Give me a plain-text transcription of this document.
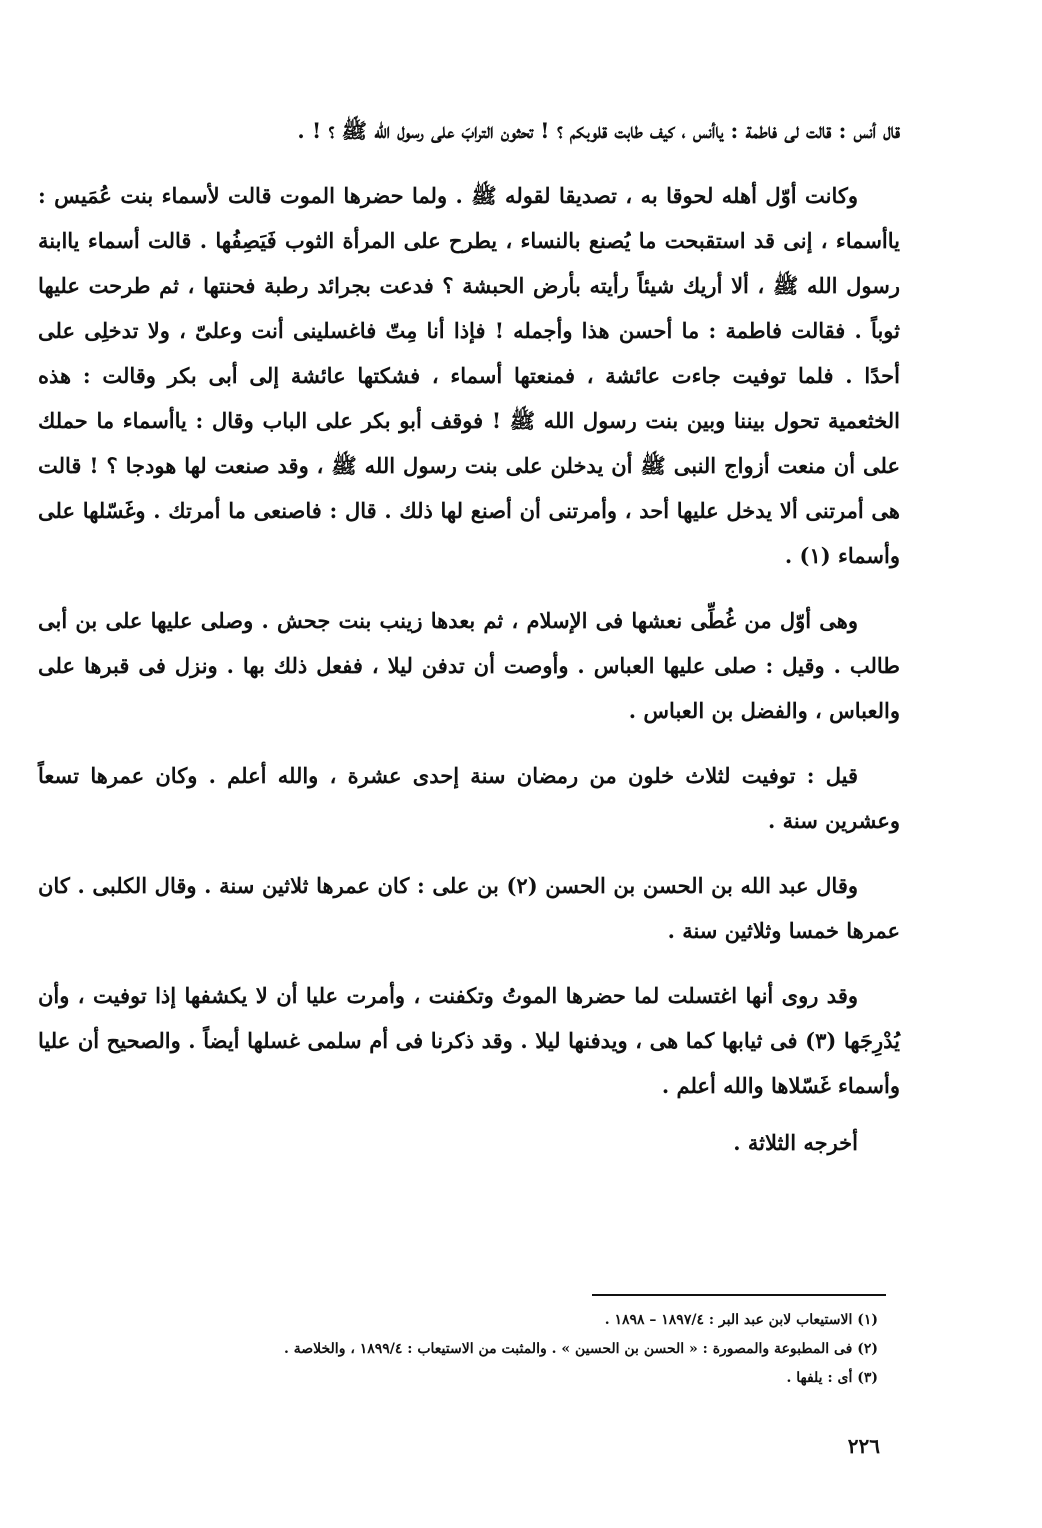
قال أنس : قالت لى فاطمة : ياأنس ، كيف طابت قلوبكم ؟ ! تحثون الترابَ على رسول الله ﷺ ؟ ! .

وكانت أوّل أهله لحوقا به ، تصديقا لقوله ﷺ . ولما حضرها الموت قالت لأسماء بنت عُمَيس : ياأسماء ، إنى قد استقبحت ما يُصنع بالنساء ، يطرح على المرأة الثوب فَيَصِفُها . قالت أسماء ياابنة رسول الله ﷺ ، ألا أريك شيئاً رأيته بأرض الحبشة ؟ فدعت بجرائد رطبة فحنتها ، ثم طرحت عليها ثوباً . فقالت فاطمة : ما أحسن هذا وأجمله ! فإذا أنا مِتّ فاغسلينى أنت وعلىّ ، ولا تدخلِى على أحدًا . فلما توفيت جاءت عائشة ، فمنعتها أسماء ، فشكتها عائشة إلى أبى بكر وقالت : هذه الخثعمية تحول بيننا وبين بنت رسول الله ﷺ ! فوقف أبو بكر على الباب وقال : ياأسماء ما حملك على أن منعت أزواج النبى ﷺ أن يدخلن على بنت رسول الله ﷺ ، وقد صنعت لها هودجا ؟ ! قالت هى أمرتنى ألا يدخل عليها أحد ، وأمرتنى أن أصنع لها ذلك . قال : فاصنعى ما أمرتك . وغَسّلها على وأسماء (١) .

وهى أوّل من غُطِّى نعشها فى الإسلام ، ثم بعدها زينب بنت جحش . وصلى عليها على بن أبى طالب . وقيل : صلى عليها العباس . وأوصت أن تدفن ليلا ، ففعل ذلك بها . ونزل فى قبرها على والعباس ، والفضل بن العباس .

قيل : توفيت لثلاث خلون من رمضان سنة إحدى عشرة ، والله أعلم . وكان عمرها تسعاً وعشرين سنة .

وقال عبد الله بن الحسن بن الحسن (٢) بن على : كان عمرها ثلاثين سنة . وقال الكلبى . كان عمرها خمسا وثلاثين سنة .

وقد روى أنها اغتسلت لما حضرها الموتُ وتكفنت ، وأمرت عليا أن لا يكشفها إذا توفيت ، وأن يُدْرِجَها (٣) فى ثيابها كما هى ، ويدفنها ليلا . وقد ذكرنا فى أم سلمى غسلها أيضاً . والصحيح أن عليا وأسماء غَسّلاها والله أعلم .

أخرجه الثلاثة .

(١) الاستيعاب لابن عبد البر : ١٨٩٧/٤ – ١٨٩٨ .

(٢) فى المطبوعة والمصورة : « الحسن بن الحسين » . والمثبت من الاستيعاب : ١٨٩٩/٤ ، والخلاصة .

(٣) أى : يلفها .

٢٢٦
